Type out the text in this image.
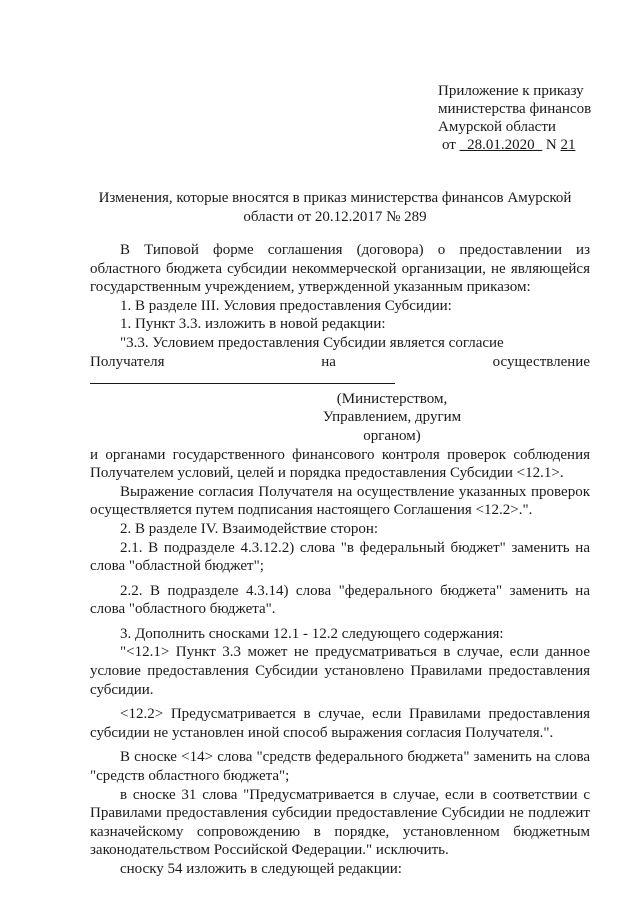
Приложение к приказу
министерства финансов
Амурской области
от _28.01.2020_ N 21
Изменения, которые вносятся в приказ министерства финансов Амурской
области от 20.12.2017 № 289

В Типовой форме соглашения (договора) о предоставлении из областного бюджета субсидии некоммерческой организации, не являющейся государственным учреждением, утвержденной указанным приказом:

1. В разделе III. Условия предоставления Субсидии:

1. Пункт 3.3. изложить в новой редакции:

"3.3. Условием предоставления Субсидии является согласие

Получателя на осуществление

(Министерством, Управлением, другим органом)

и органами государственного финансового контроля проверок соблюдения Получателем условий, целей и порядка предоставления Субсидии <12.1>.

Выражение согласия Получателя на осуществление указанных проверок осуществляется путем подписания настоящего Соглашения <12.2>.".

2. В разделе IV. Взаимодействие сторон:

2.1. В подразделе 4.3.12.2) слова "в федеральный бюджет" заменить на слова "областной бюджет";

2.2. В подразделе 4.3.14) слова "федерального бюджета" заменить на слова "областного бюджета".

3. Дополнить сносками 12.1 - 12.2 следующего содержания:

"<12.1> Пункт 3.3 может не предусматриваться в случае, если данное условие предоставления Субсидии установлено Правилами предоставления субсидии.

<12.2> Предусматривается в случае, если Правилами предоставления субсидии не установлен иной способ выражения согласия Получателя.".

В сноске <14> слова "средств федерального бюджета" заменить на слова "средств областного бюджета";

в сноске 31 слова "Предусматривается в случае, если в соответствии с Правилами предоставления субсидии предоставление Субсидии не подлежит казначейскому сопровождению в порядке, установленном бюджетным законодательством Российской Федерации." исключить.

сноску 54 изложить в следующей редакции:
